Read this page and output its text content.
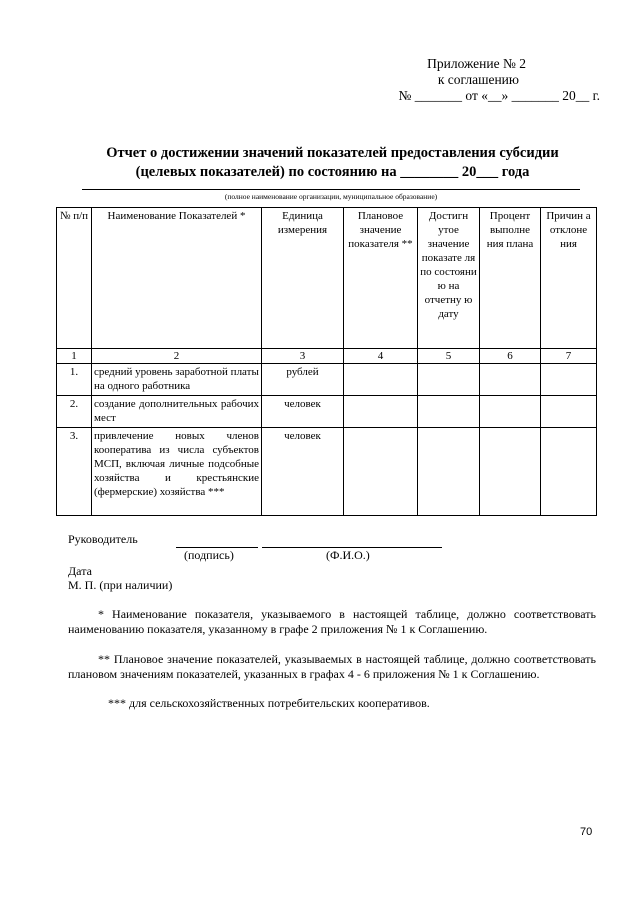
Приложение № 2
к соглашению
№ _______ от «__» _______ 20__ г.
Отчет о достижении значений показателей предоставления субсидии
(целевых показателей) по состоянию на ________ 20___ года
(полное наименование организации, муниципальное образование)
№ п/п	Наименование Показателей *	Единица измерения	Плановое значение показателя **	Достигн утое значение показате ля по состояни ю на отчетну ю дату	Процент выполне ния плана	Причин а отклоне ния
1	2	3	4	5	6	7
1.	средний уровень заработной платы на одного работника	рублей				
2.	создание дополнительных рабочих мест	человек				
3.	привлечение новых членов кооператива из числа субъектов МСП, включая личные подсобные хозяйства и крестьянские (фермерские) хозяйства ***	человек				
Руководитель
(подпись)	(Ф.И.О.)
Дата
М. П. (при наличии)
* Наименование показателя, указываемого в настоящей таблице, должно соответствовать наименованию показателя, указанному в графе 2 приложения № 1 к Соглашению.
** Плановое значение показателей, указываемых в настоящей таблице, должно соответствовать плановом значениям показателей, указанных в графах 4 - 6 приложения № 1 к Соглашению.
*** для сельскохозяйственных потребительских кооперативов.
70
